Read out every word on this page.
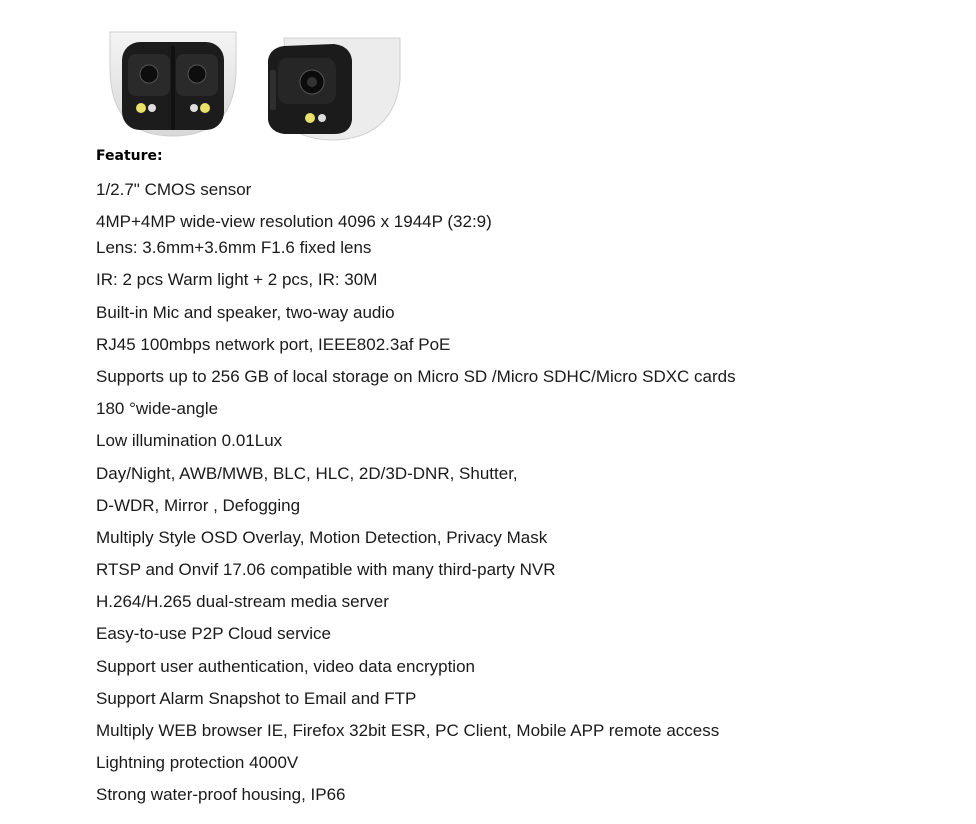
Feature:
1/2.7" CMOS sensor
4MP+4MP wide-view resolution 4096 x 1944P (32:9)
Lens: 3.6mm+3.6mm F1.6 fixed lens
IR: 2 pcs Warm light + 2 pcs, IR: 30M
Built-in Mic and speaker, two-way audio
RJ45 100mbps network port, IEEE802.3af PoE
Supports up to 256 GB of local storage on Micro SD /Micro SDHC/Micro SDXC cards
180 °wide-angle
Low illumination 0.01Lux
Day/Night, AWB/MWB, BLC, HLC, 2D/3D-DNR, Shutter,
D-WDR, Mirror , Defogging
Multiply Style OSD Overlay, Motion Detection, Privacy Mask
RTSP and Onvif 17.06 compatible with many third-party NVR
H.264/H.265 dual-stream media server
Easy-to-use P2P Cloud service
Support user authentication, video data encryption
Support Alarm Snapshot to Email and FTP
Multiply WEB browser IE, Firefox 32bit ESR, PC Client, Mobile APP remote access
Lightning protection 4000V
Strong water-proof housing, IP66
